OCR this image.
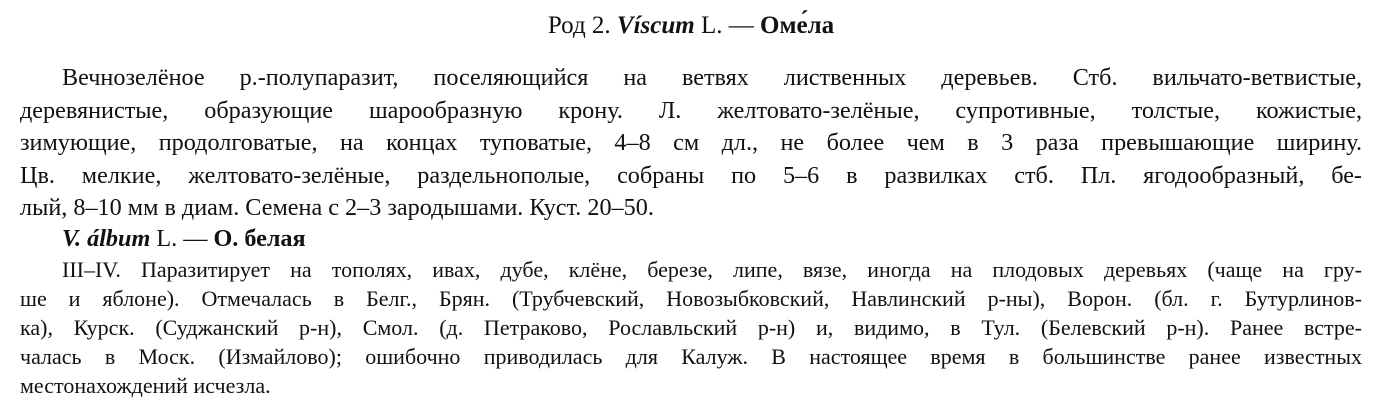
Род 2. Víscum L. — Оме́ла
Вечнозелёное р.-полупаразит, поселяющийся на ветвях лиственных деревьев. Стб. вильчато-ветвистые,
деревянистые, образующие шарообразную крону. Л. желтовато-зелёные, супротивные, толстые, кожистые,
зимующие, продолговатые, на концах туповатые, 4–8 см дл., не более чем в 3 раза превышающие ширину.
Цв. мелкие, желтовато-зелёные, раздельнополые, собраны по 5–6 в развилках стб. Пл. ягодообразный, бе-
лый, 8–10 мм в диам. Семена с 2–3 зародышами. Куст. 20–50.
V. álbum L. — О. белая
III–IV. Паразитирует на тополях, ивах, дубе, клёне, березе, липе, вязе, иногда на плодовых деревьях (чаще на гру-
ше и яблоне). Отмечалась в Белг., Брян. (Трубчевский, Новозыбковский, Навлинский р-ны), Ворон. (бл. г. Бутурлинов-
ка), Курск. (Суджанский р-н), Смол. (д. Петраково, Рославльский р-н) и, видимо, в Тул. (Белевский р-н). Ранее встре-
чалась в Моск. (Измайлово); ошибочно приводилась для Калуж. В настоящее время в большинстве ранее известных
местонахождений исчезла.
